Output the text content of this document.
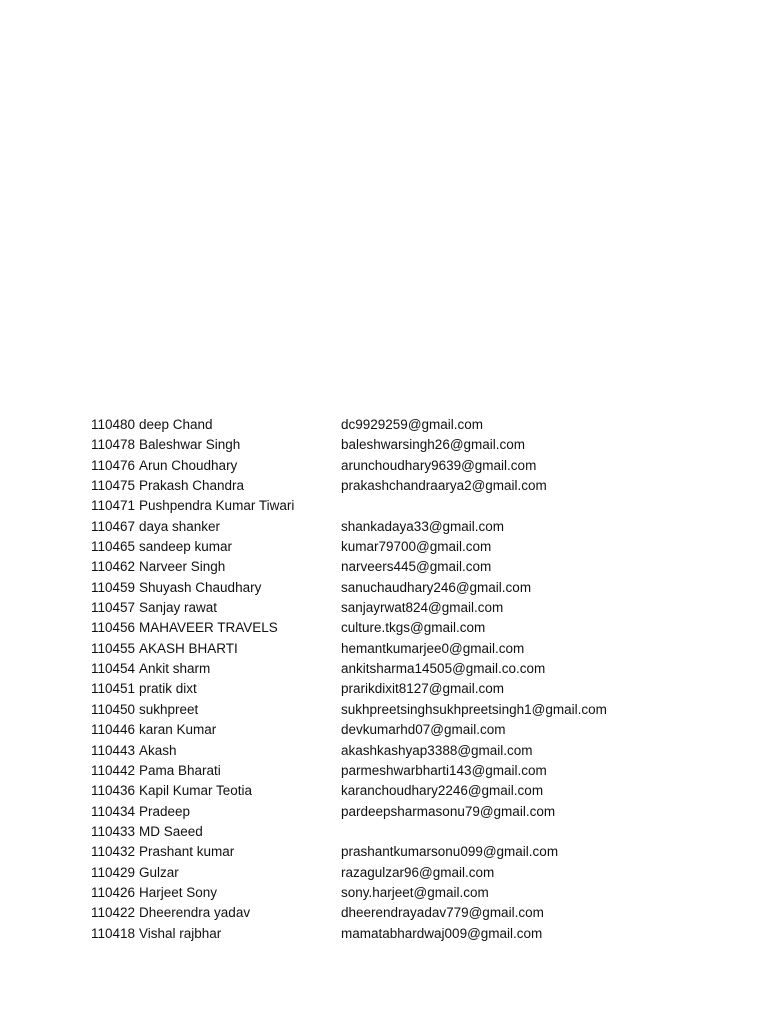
110480 deep Chand	dc9929259@gmail.com
110478 Baleshwar Singh	baleshwarsingh26@gmail.com
110476 Arun Choudhary	arunchoudhary9639@gmail.com
110475 Prakash Chandra	prakashchandraarya2@gmail.com
110471 Pushpendra Kumar Tiwari
110467 daya shanker	shankadaya33@gmail.com
110465 sandeep kumar	kumar79700@gmail.com
110462 Narveer Singh	narveers445@gmail.com
110459 Shuyash Chaudhary	sanuchaudhary246@gmail.com
110457 Sanjay rawat	sanjayrwat824@gmail.com
110456 MAHAVEER TRAVELS	culture.tkgs@gmail.com
110455 AKASH BHARTI	hemantkumarjee0@gmail.com
110454 Ankit sharm	ankitsharma14505@gmail.co.com
110451 pratik dixt	prarikdixit8127@gmail.com
110450 sukhpreet	sukhpreetsinghsukhpreetsingh1@gmail.com
110446 karan Kumar	devkumarhd07@gmail.com
110443 Akash	akashkashyap3388@gmail.com
110442 Pama Bharati	parmeshwarbharti143@gmail.com
110436 Kapil Kumar Teotia	karanchoudhary2246@gmail.com
110434 Pradeep	pardeepsharmasonu79@gmail.com
110433 MD Saeed
110432 Prashant kumar	prashantkumarsonu099@gmail.com
110429 Gulzar	razagulzar96@gmail.com
110426 Harjeet Sony	sony.harjeet@gmail.com
110422 Dheerendra yadav	dheerendrayadav779@gmail.com
110418 Vishal rajbhar	mamatabhardwaj009@gmail.com
